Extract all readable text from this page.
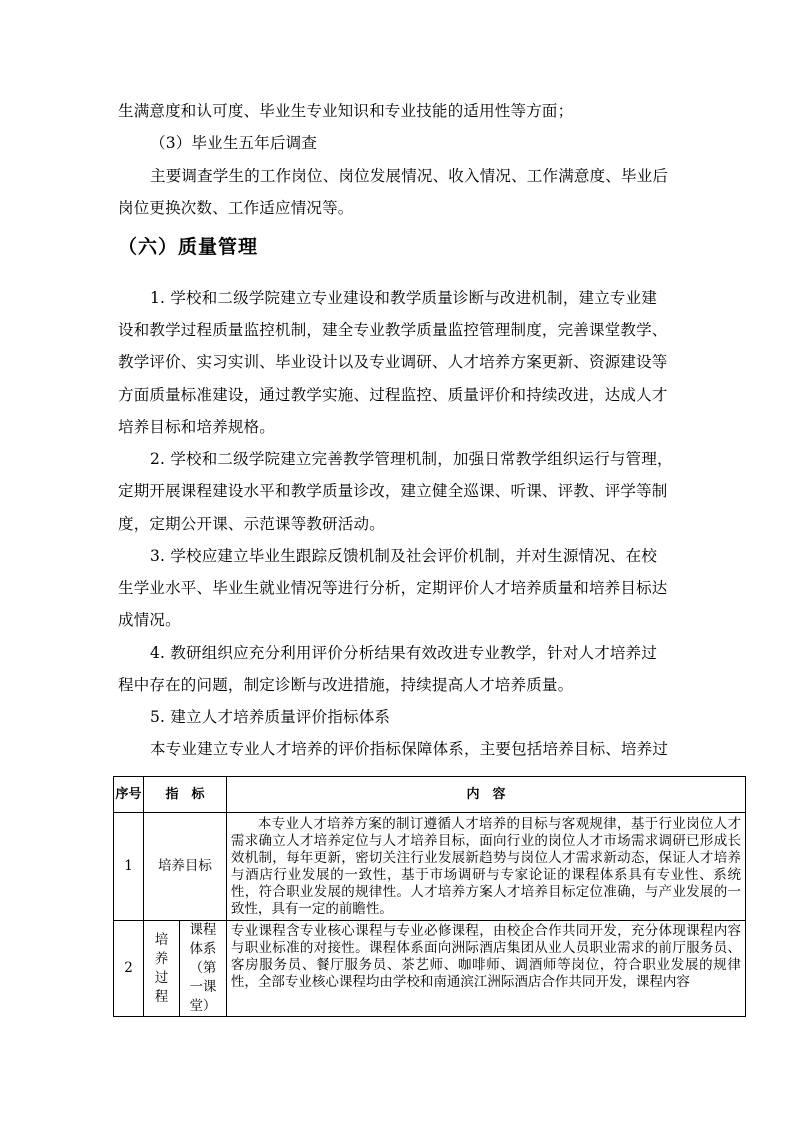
生满意度和认可度、毕业生专业知识和专业技能的适用性等方面；
（3）毕业生五年后调查
主要调查学生的工作岗位、岗位发展情况、收入情况、工作满意度、毕业后
岗位更换次数、工作适应情况等。
（六）质量管理
1. 学校和二级学院建立专业建设和教学质量诊断与改进机制，建立专业建
设和教学过程质量监控机制，建全专业教学质量监控管理制度，完善课堂教学、
教学评价、实习实训、毕业设计以及专业调研、人才培养方案更新、资源建设等
方面质量标准建设，通过教学实施、过程监控、质量评价和持续改进，达成人才
培养目标和培养规格。
2. 学校和二级学院建立完善教学管理机制，加强日常教学组织运行与管理，
定期开展课程建设水平和教学质量诊改，建立健全巡课、听课、评教、评学等制
度，定期公开课、示范课等教研活动。
3. 学校应建立毕业生跟踪反馈机制及社会评价机制，并对生源情况、在校
生学业水平、毕业生就业情况等进行分析，定期评价人才培养质量和培养目标达
成情况。
4. 教研组织应充分利用评价分析结果有效改进专业教学，针对人才培养过
程中存在的问题，制定诊断与改进措施，持续提高人才培养质量。
5. 建立人才培养质量评价指标体系
本专业建立专业人才培养的评价指标保障体系，主要包括培养目标、培养过
序号	指　标		内　容
1	培养目标		本专业人才培养方案的制订遵循人才培养的目标与客观规律，基于行业岗位人才需求确立人才培养定位与人才培养目标，面向行业的岗位人才市场需求调研已形成长效机制，每年更新，密切关注行业发展新趋势与岗位人才需求新动态，保证人才培养与酒店行业发展的一致性，基于市场调研与专家论证的课程体系具有专业性、系统性，符合职业发展的规律性。人才培养方案人才培养目标定位准确，与产业发展的一致性，具有一定的前瞻性。
2	培养过程	课程体系（第一课堂）	专业课程含专业核心课程与专业必修课程，由校企合作共同开发，充分体现课程内容与职业标准的对接性。课程体系面向洲际酒店集团从业人员职业需求的前厅服务员、客房服务员、餐厅服务员、茶艺师、咖啡师、调酒师等岗位，符合职业发展的规律性，全部专业核心课程均由学校和南通滨江洲际酒店合作共同开发，课程内容
